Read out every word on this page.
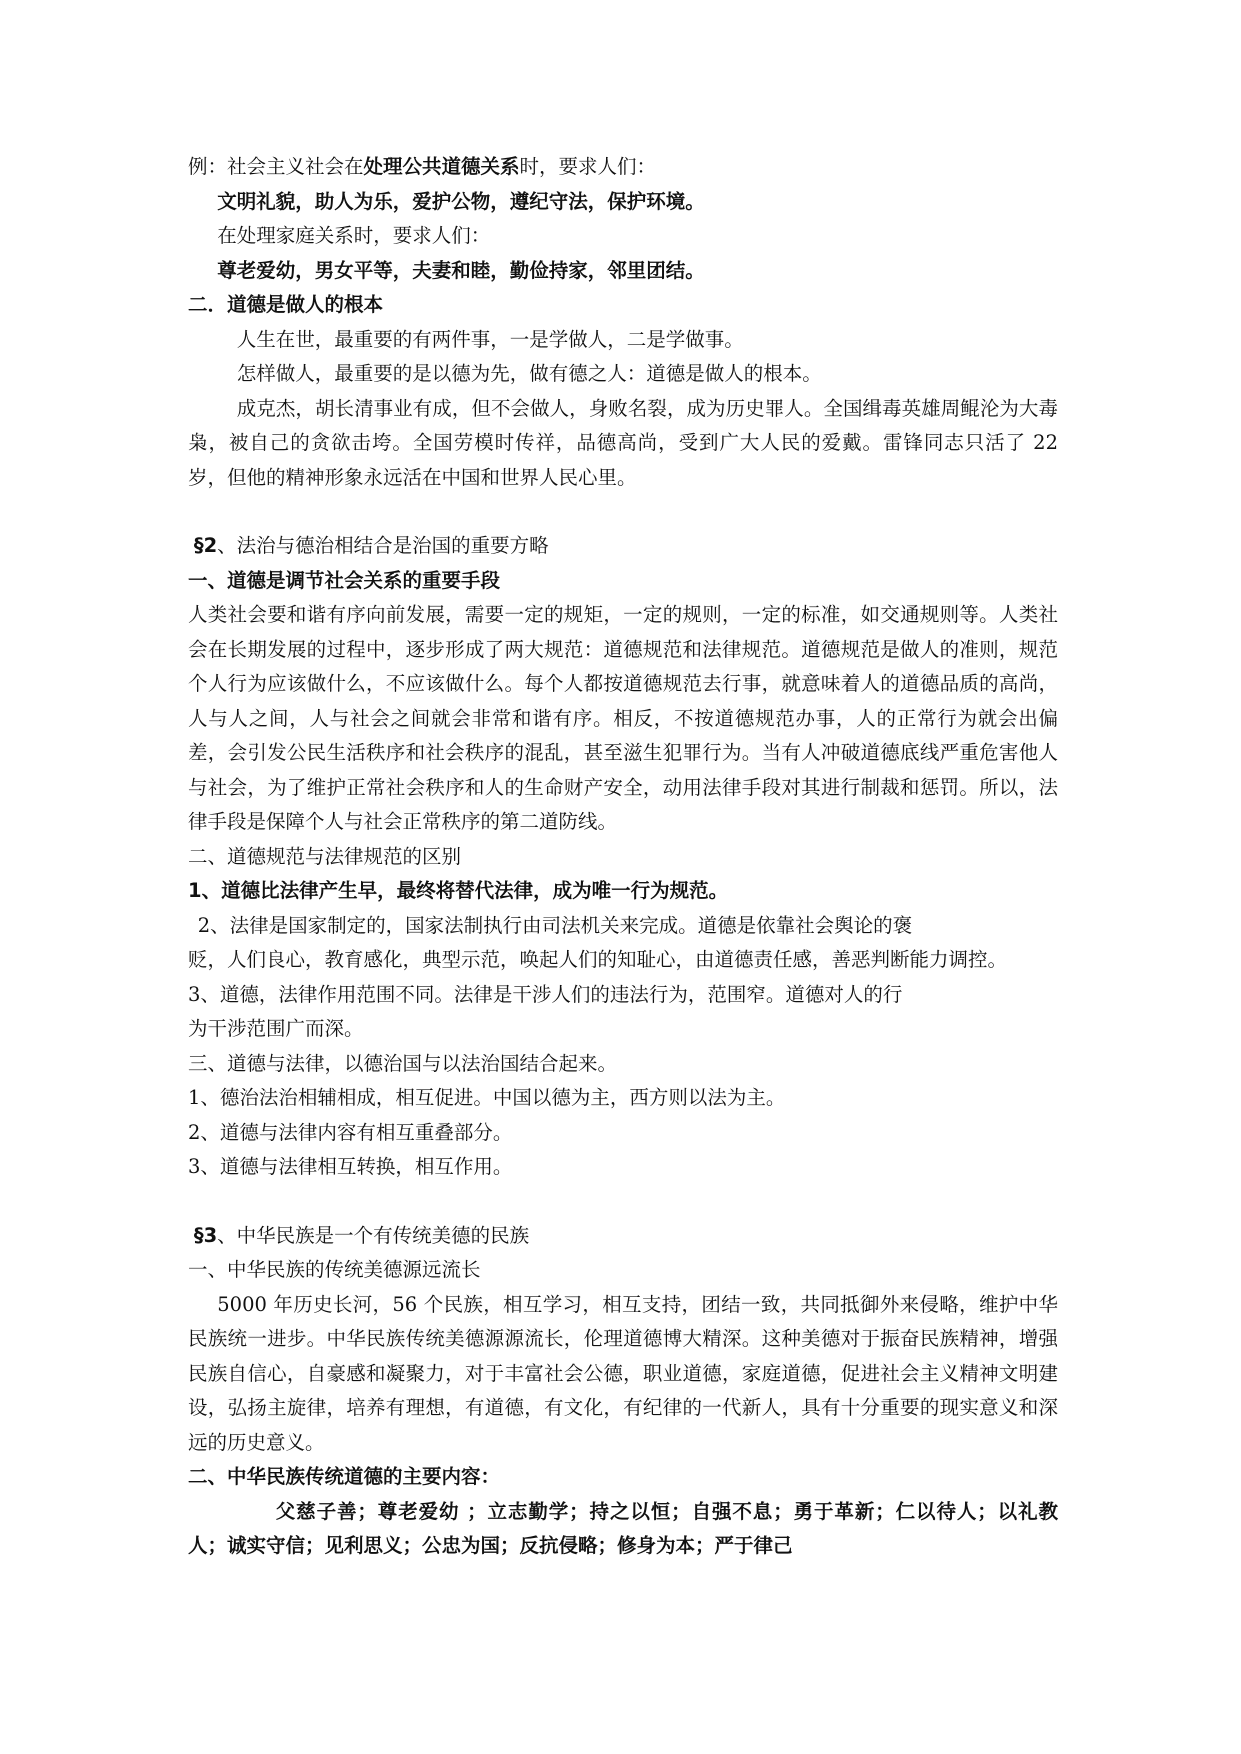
例：社会主义社会在处理公共道德关系时，要求人们：

文明礼貌，助人为乐，爱护公物，遵纪守法，保护环境。

在处理家庭关系时，要求人们：

尊老爱幼，男女平等，夫妻和睦，勤俭持家，邻里团结。

二．道德是做人的根本

人生在世，最重要的有两件事，一是学做人，二是学做事。

怎样做人，最重要的是以德为先，做有德之人：道德是做人的根本。

成克杰，胡长清事业有成，但不会做人，身败名裂，成为历史罪人。全国缉毒英雄周鲲沦为大毒枭，被自己的贪欲击垮。全国劳模时传祥，品德高尚，受到广大人民的爱戴。雷锋同志只活了 22 岁，但他的精神形象永远活在中国和世界人民心里。

§2、法治与德治相结合是治国的重要方略

一、道德是调节社会关系的重要手段

人类社会要和谐有序向前发展，需要一定的规矩，一定的规则，一定的标准，如交通规则等。人类社会在长期发展的过程中，逐步形成了两大规范：道德规范和法律规范。道德规范是做人的准则，规范个人行为应该做什么，不应该做什么。每个人都按道德规范去行事，就意味着人的道德品质的高尚，人与人之间，人与社会之间就会非常和谐有序。相反，不按道德规范办事，人的正常行为就会出偏差，会引发公民生活秩序和社会秩序的混乱，甚至滋生犯罪行为。当有人冲破道德底线严重危害他人与社会，为了维护正常社会秩序和人的生命财产安全，动用法律手段对其进行制裁和惩罚。所以，法律手段是保障个人与社会正常秩序的第二道防线。

二、道德规范与法律规范的区别

1、道德比法律产生早，最终将替代法律，成为唯一行为规范。

2、法律是国家制定的，国家法制执行由司法机关来完成。道德是依靠社会舆论的褒

贬，人们良心，教育感化，典型示范，唤起人们的知耻心，由道德责任感，善恶判断能力调控。

3、道德，法律作用范围不同。法律是干涉人们的违法行为，范围窄。道德对人的行

为干涉范围广而深。

三、道德与法律，以德治国与以法治国结合起来。

1、德治法治相辅相成，相互促进。中国以德为主，西方则以法为主。

2、道德与法律内容有相互重叠部分。

3、道德与法律相互转换，相互作用。

§3、中华民族是一个有传统美德的民族

一、中华民族的传统美德源远流长

5000 年历史长河，56 个民族，相互学习，相互支持，团结一致，共同抵御外来侵略，维护中华民族统一进步。中华民族传统美德源源流长，伦理道德博大精深。这种美德对于振奋民族精神，增强民族自信心，自豪感和凝聚力，对于丰富社会公德，职业道德，家庭道德，促进社会主义精神文明建设，弘扬主旋律，培养有理想，有道德，有文化，有纪律的一代新人，具有十分重要的现实意义和深远的历史意义。

二、中华民族传统道德的主要内容：

父慈子善；尊老爱幼 ；立志勤学；持之以恒；自强不息；勇于革新；仁以待人；以礼教人；诚实守信；见利思义；公忠为国；反抗侵略；修身为本；严于律己
